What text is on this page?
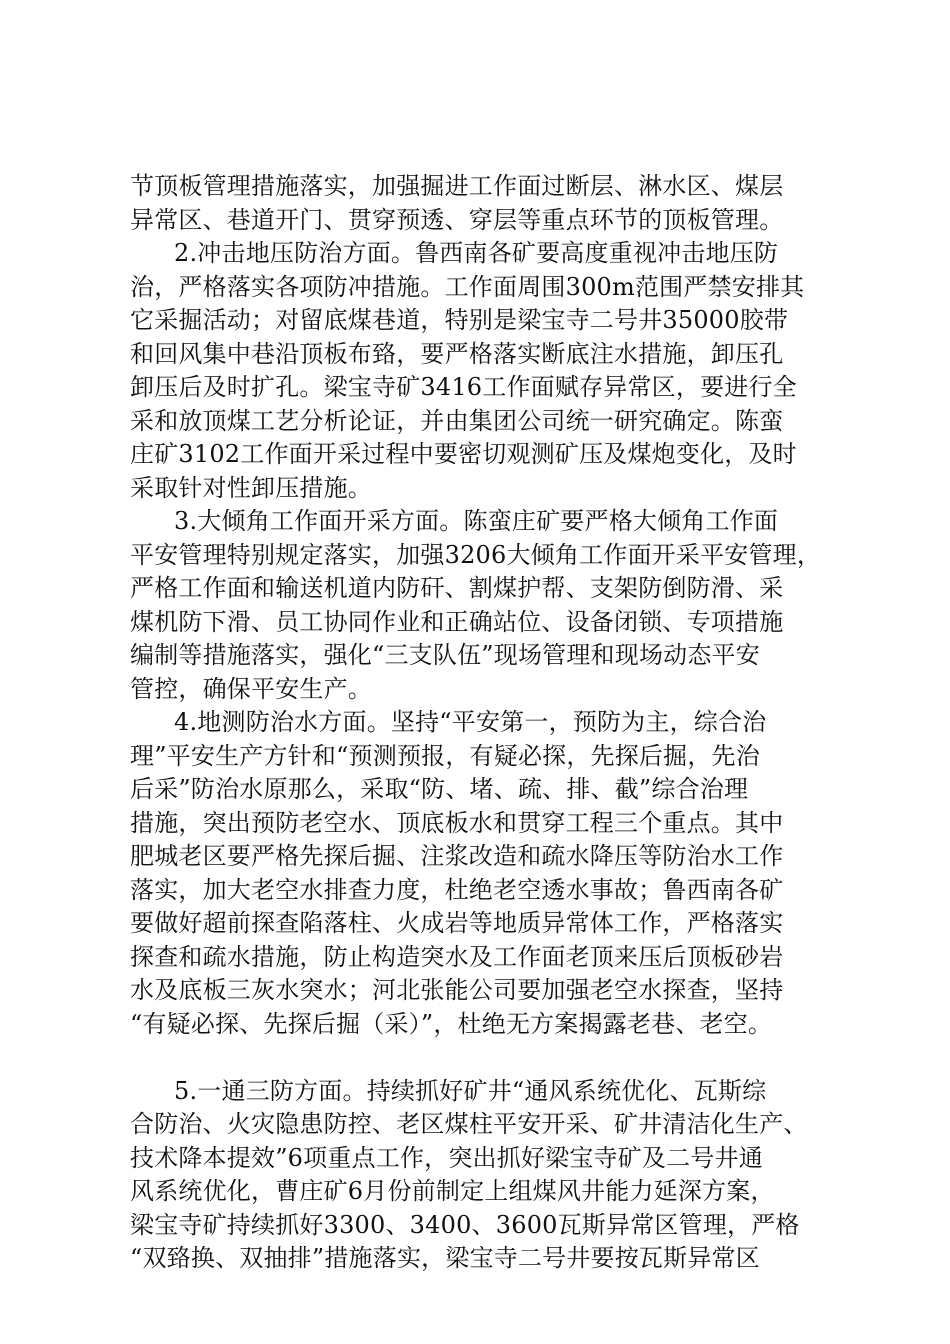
节顶板管理措施落实，加强掘进工作面过断层、淋水区、煤层
异常区、巷道开门、贯穿预透、穿层等重点环节的顶板管理。
2.冲击地压防治方面。鲁西南各矿要高度重视冲击地压防
治，严格落实各项防冲措施。工作面周围300m范围严禁安排其
它采掘活动；对留底煤巷道，特别是梁宝寺二号井35000胶带
和回风集中巷沿顶板布臵，要严格落实断底注水措施，卸压孔
卸压后及时扩孔。梁宝寺矿3416工作面赋存异常区，要进行全
采和放顶煤工艺分析论证，并由集团公司统一研究确定。陈蛮
庄矿3102工作面开采过程中要密切观测矿压及煤炮变化，及时
采取针对性卸压措施。
3.大倾角工作面开采方面。陈蛮庄矿要严格大倾角工作面
平安管理特别规定落实，加强3206大倾角工作面开采平安管理，
严格工作面和输送机道内防矸、割煤护帮、支架防倒防滑、采
煤机防下滑、员工协同作业和正确站位、设备闭锁、专项措施
编制等措施落实，强化“三支队伍”现场管理和现场动态平安
管控，确保平安生产。
4.地测防治水方面。坚持“平安第一，预防为主，综合治
理”平安生产方针和“预测预报，有疑必探，先探后掘，先治
后采”防治水原那么，采取“防、堵、疏、排、截”综合治理
措施，突出预防老空水、顶底板水和贯穿工程三个重点。其中
肥城老区要严格先探后掘、注浆改造和疏水降压等防治水工作
落实，加大老空水排查力度，杜绝老空透水事故；鲁西南各矿
要做好超前探查陷落柱、火成岩等地质异常体工作，严格落实
探查和疏水措施，防止构造突水及工作面老顶来压后顶板砂岩
水及底板三灰水突水；河北张能公司要加强老空水探查，坚持
“有疑必探、先探后掘（采）”，杜绝无方案揭露老巷、老空。
5.一通三防方面。持续抓好矿井“通风系统优化、瓦斯综
合防治、火灾隐患防控、老区煤柱平安开采、矿井清洁化生产、
技术降本提效”6项重点工作，突出抓好梁宝寺矿及二号井通
风系统优化，曹庄矿6月份前制定上组煤风井能力延深方案，
梁宝寺矿持续抓好3300、3400、3600瓦斯异常区管理，严格
“双臵换、双抽排”措施落实，梁宝寺二号井要按瓦斯异常区
